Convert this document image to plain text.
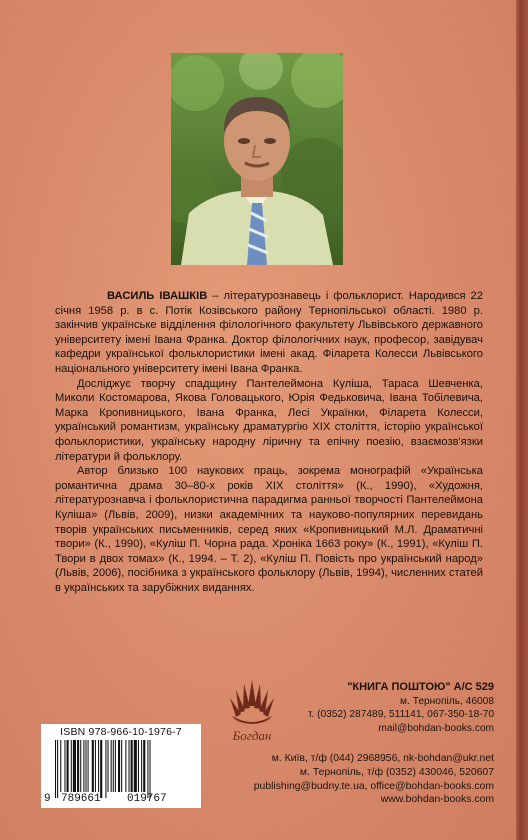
ВАСИЛЬ ІВАШКІВ – літературознавець і фольклорист. Народився 22 січня 1958 р. в с. Потік Козівського району Тернопільської області. 1980 р. закінчив українське відділення філологічного факультету Львівського державного університету імені Івана Франка. Доктор філологічних наук, професор, завідувач кафедри української фольклористики імені акад. Філарета Колесси Львівського національного університету імені Івана Франка.

Досліджує творчу спадщину Пантелеймона Куліша, Тараса Шевченка, Миколи Костомарова, Якова Головацького, Юрія Федьковича, Івана Тобілевича, Марка Кропивницького, Івана Франка, Лесі Українки, Філарета Колесси, український романтизм, українську драматургію XIX століття, історію української фольклористики, українську народну ліричну та епічну поезію, взаємозв'язки літератури й фольклору.

Автор близько 100 наукових праць, зокрема монографій «Українська романтична драма 30–80-х років XIX століття» (К., 1990), «Художня, літературознавча і фольклористична парадигма ранньої творчості Пантелеймона Куліша» (Львів, 2009), низки академічних та науково-популярних перевидань творів українських письменників, серед яких «Кропивницький М.Л. Драматичні твори» (К., 1990), «Куліш П. Чорна рада. Хроніка 1663 року» (К., 1991), «Куліш П. Твори в двох томах» (К., 1994. – Т. 2), «Куліш П. Повість про український народ» (Львів, 2006), посібника з українського фольклору (Львів, 1994), численних статей в українських та зарубіжних виданнях.

Богдан
"КНИГА ПОШТОЮ" А/С 529
м. Тернопіль, 46008
т. (0352) 287489, 511141, 067-350-18-70
mail@bohdan-books.com
м. Київ, т/ф (044) 2968956, nk-bohdan@ukr.net
м. Тернопіль, т/ф (0352) 430046, 520607
publishing@budny.te.ua, office@bohdan-books.com
www.bohdan-books.com
ISBN 978-966-10-1976-7
9 789661 019767
